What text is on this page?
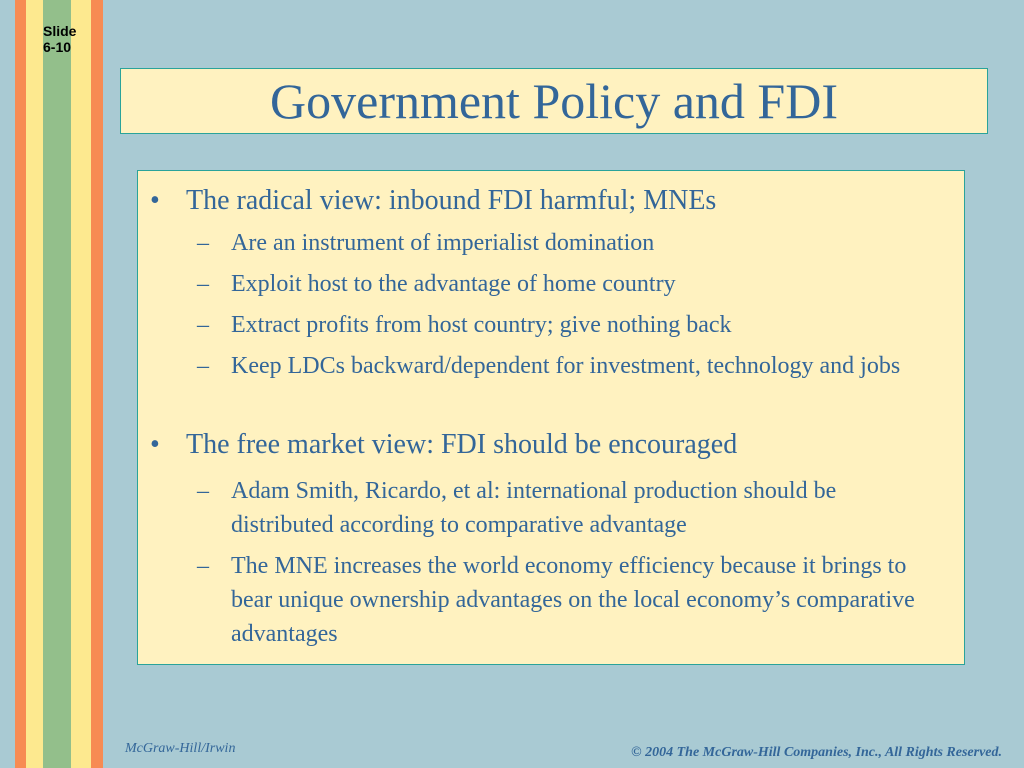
Slide
6-10
Government Policy and FDI
• The radical view: inbound FDI harmful; MNEs
– Are an instrument of imperialist domination
– Exploit host to the advantage of home country
– Extract profits from host country; give nothing back
– Keep LDCs backward/dependent for investment, technology and jobs
• The free market view: FDI should be encouraged
– Adam Smith, Ricardo, et al: international production should be distributed according to comparative advantage
– The MNE increases the world economy efficiency because it brings to bear unique ownership advantages on the local economy’s comparative advantages
McGraw-Hill/Irwin	© 2004 The McGraw-Hill Companies, Inc., All Rights Reserved.
